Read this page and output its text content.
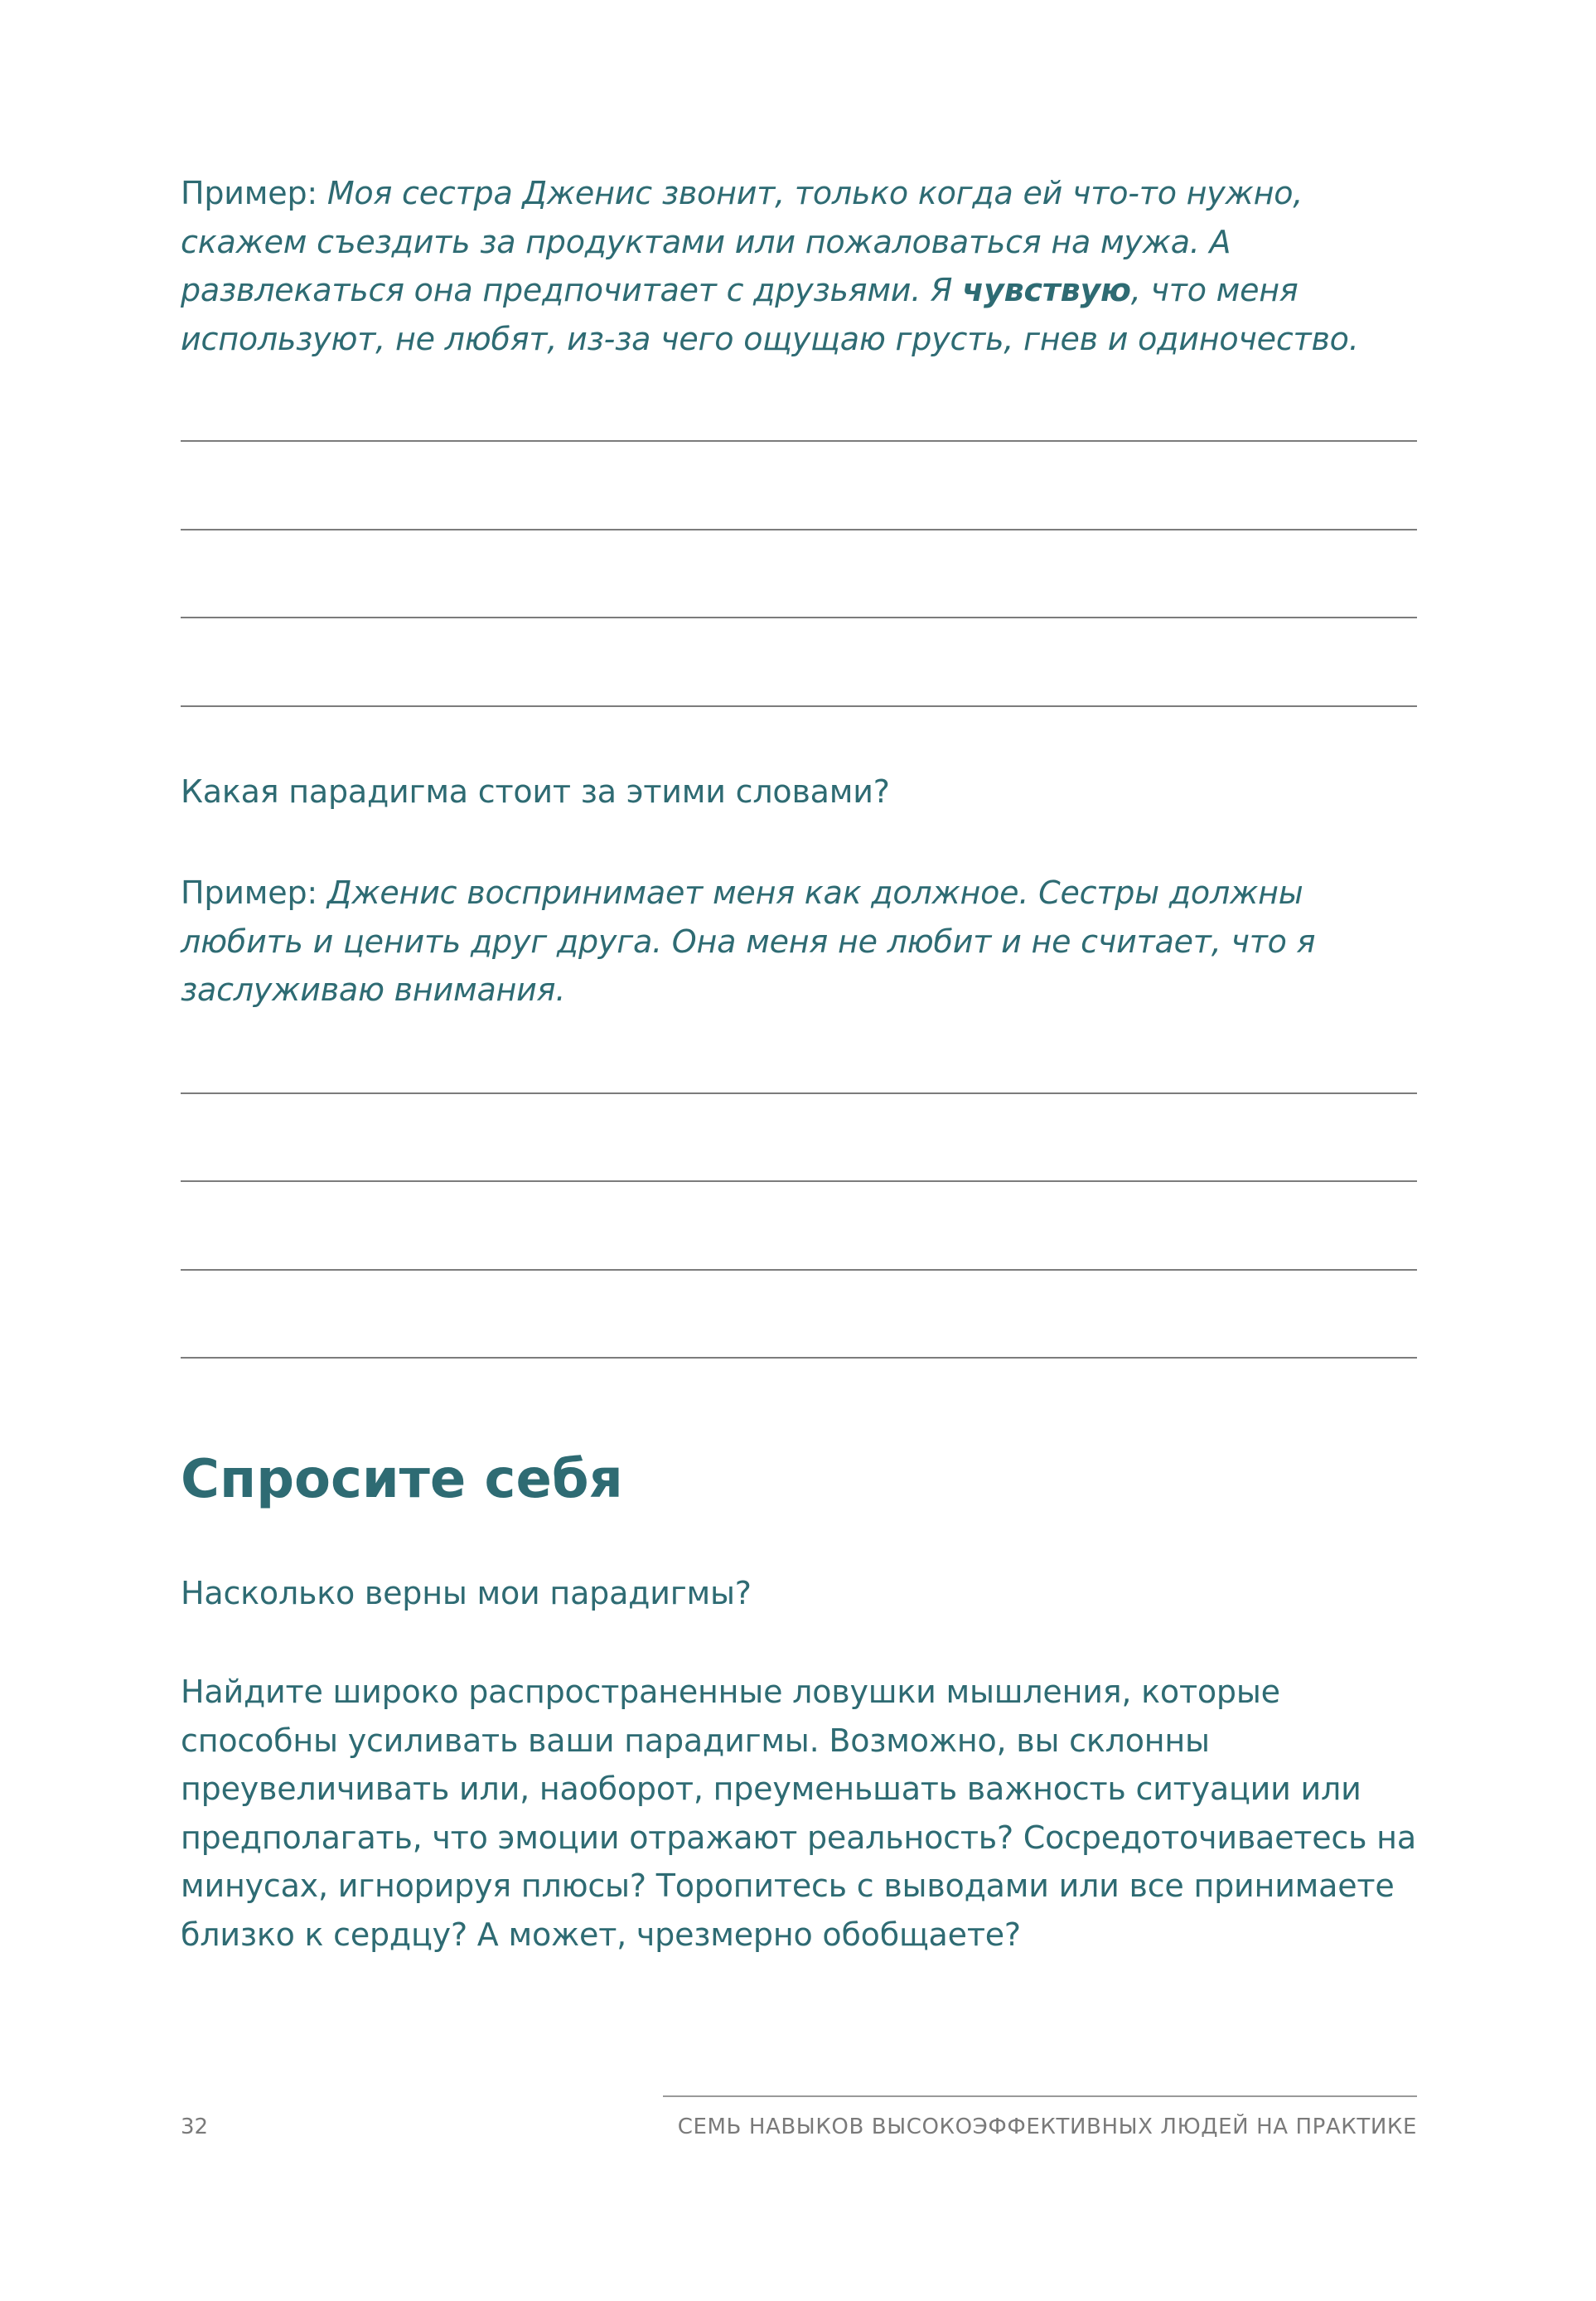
Пример: Моя сестра Дженис звонит, только когда ей что-то нужно, скажем съездить за продуктами или пожаловаться на мужа. А развлекаться она предпочитает с друзьями. Я чувствую, что меня используют, не любят, из-за чего ощущаю грусть, гнев и одиночество.

Какая парадигма стоит за этими словами?

Пример: Дженис воспринимает меня как должное. Сестры должны любить и ценить друг друга. Она меня не любит и не считает, что я заслуживаю внимания.

Спросите себя

Насколько верны мои парадигмы?

Найдите широко распространенные ловушки мышления, которые способны усиливать ваши парадигмы. Возможно, вы склонны преувеличивать или, наоборот, преуменьшать важность ситуации или предполагать, что эмоции отражают реальность? Сосредоточиваетесь на минусах, игнорируя плюсы? Торопитесь с выводами или все принимаете близко к сердцу? А может, чрезмерно обобщаете?

32	СЕМЬ НАВЫКОВ ВЫСОКОЭФФЕКТИВНЫХ ЛЮДЕЙ НА ПРАКТИКЕ
